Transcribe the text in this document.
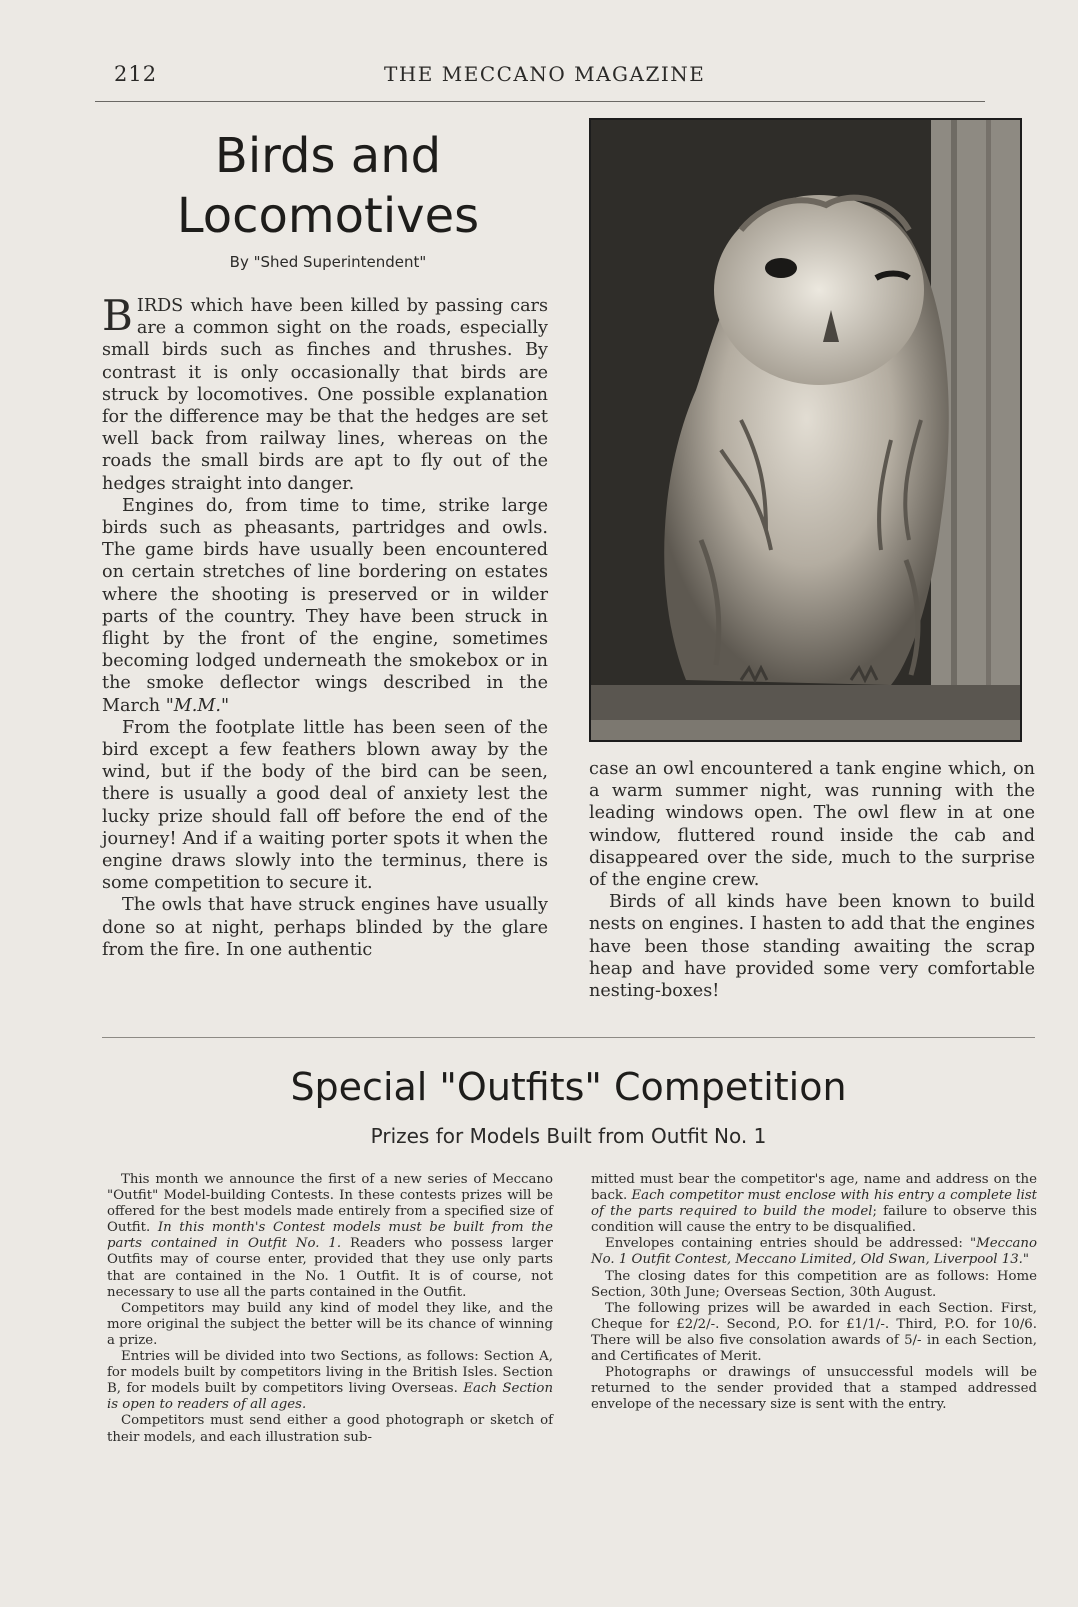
212	THE MECCANO MAGAZINE
Birds and
Locomotives
By "Shed Superintendent"

BIRDS which have been killed by passing cars are a common sight on the roads, especially small birds such as finches and thrushes. By contrast it is only occasionally that birds are struck by locomotives. One possible explanation for the difference may be that the hedges are set well back from railway lines, whereas on the roads the small birds are apt to fly out of the hedges straight into danger.

Engines do, from time to time, strike large birds such as pheasants, partridges and owls. The game birds have usually been encountered on certain stretches of line bordering on estates where the shooting is preserved or in wilder parts of the country. They have been struck in flight by the front of the engine, sometimes becoming lodged underneath the smokebox or in the smoke deflector wings described in the March "M.M."

From the footplate little has been seen of the bird except a few feathers blown away by the wind, but if the body of the bird can be seen, there is usually a good deal of anxiety lest the lucky prize should fall off before the end of the journey! And if a waiting porter spots it when the engine draws slowly into the terminus, there is some competition to secure it.

The owls that have struck engines have usually done so at night, perhaps blinded by the glare from the fire. In one authentic

case an owl encountered a tank engine which, on a warm summer night, was running with the leading windows open. The owl flew in at one window, fluttered round inside the cab and disappeared over the side, much to the surprise of the engine crew.

Birds of all kinds have been known to build nests on engines. I hasten to add that the engines have been those standing awaiting the scrap heap and have provided some very comfortable nesting-boxes!

Special "Outfits" Competition
Prizes for Models Built from Outfit No. 1

This month we announce the first of a new series of Meccano "Outfit" Model-building Contests. In these contests prizes will be offered for the best models made entirely from a specified size of Outfit. In this month's Contest models must be built from the parts contained in Outfit No. 1. Readers who possess larger Outfits may of course enter, provided that they use only parts that are contained in the No. 1 Outfit. It is of course, not necessary to use all the parts contained in the Outfit.

Competitors may build any kind of model they like, and the more original the subject the better will be its chance of winning a prize.

Entries will be divided into two Sections, as follows: Section A, for models built by competitors living in the British Isles. Section B, for models built by competitors living Overseas. Each Section is open to readers of all ages.

Competitors must send either a good photograph or sketch of their models, and each illustration sub-

mitted must bear the competitor's age, name and address on the back. Each competitor must enclose with his entry a complete list of the parts required to build the model; failure to observe this condition will cause the entry to be disqualified.

Envelopes containing entries should be addressed: "Meccano No. 1 Outfit Contest, Meccano Limited, Old Swan, Liverpool 13."

The closing dates for this competition are as follows: Home Section, 30th June; Overseas Section, 30th August.

The following prizes will be awarded in each Section. First, Cheque for £2/2/-. Second, P.O. for £1/1/-. Third, P.O. for 10/6. There will be also five consolation awards of 5/- in each Section, and Certificates of Merit.

Photographs or drawings of unsuccessful models will be returned to the sender provided that a stamped addressed envelope of the necessary size is sent with the entry.
